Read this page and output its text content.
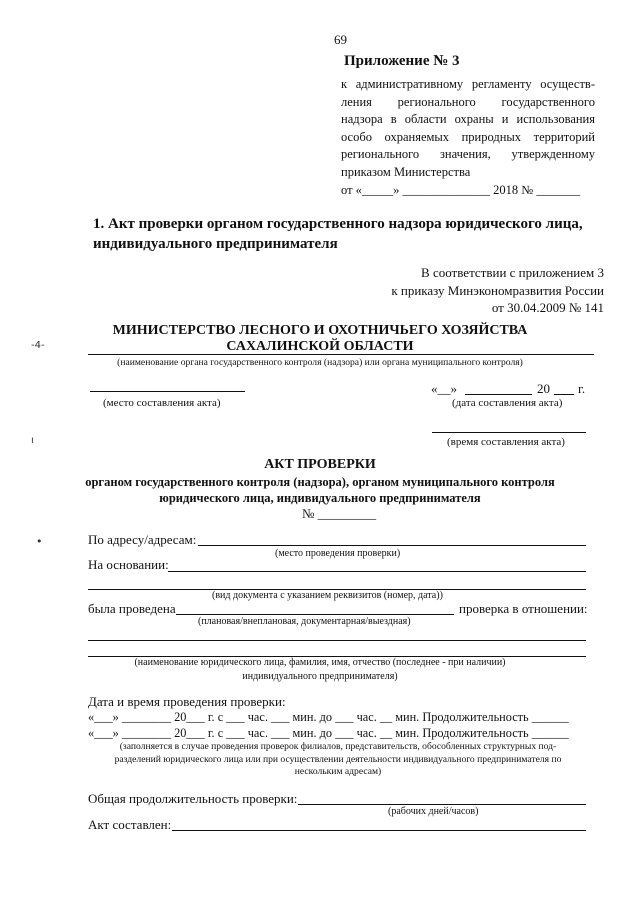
69
Приложение № 3
к административному регламенту осуществ-
ления регионального государственного
надзора в области охраны и использования
особо охраняемых природных территорий
регионального значения, утвержденному
приказом Министерства
от «_____» ______________ 2018 № _______
1. Акт проверки органом государственного надзора юридического лица,
индивидуального предпринимателя
В соответствии с приложением 3
к приказу Минэкономразвития России
от 30.04.2009 № 141
-4-
МИНИСТЕРСТВО ЛЕСНОГО И ОХОТНИЧЬЕГО ХОЗЯЙСТВА
САХАЛИНСКОЙ ОБЛАСТИ
(наименование органа государственного контроля (надзора) или органа муниципального контроля)
(место составления акта)
«__»	20 г.
(дата составления акта)
ı	(время составления акта)
АКТ ПРОВЕРКИ
органом государственного контроля (надзора), органом муниципального контроля
юридического лица, индивидуального предпринимателя
№ _________
•	По адресу/адресам:
(место проведения проверки)
На основании:
(вид документа с указанием реквизитов (номер, дата))
была проведена	проверка в отношении:
(плановая/внеплановая, документарная/выездная)
(наименование юридического лица, фамилия, имя, отчество (последнее - при наличии)
индивидуального предпринимателя)
Дата и время проведения проверки:
«___» ________ 20___ г. с ___ час. ___ мин. до ___ час. __ мин. Продолжительность ______
«___» ________ 20___ г. с ___ час. ___ мин. до ___ час. __ мин. Продолжительность ______
(заполняется в случае проведения проверок филиалов, представительств, обособленных структурных под-
разделений юридического лица или при осуществлении деятельности индивидуального предпринимателя по
нескольким адресам)
Общая продолжительность проверки:
(рабочих дней/часов)
Акт составлен:
